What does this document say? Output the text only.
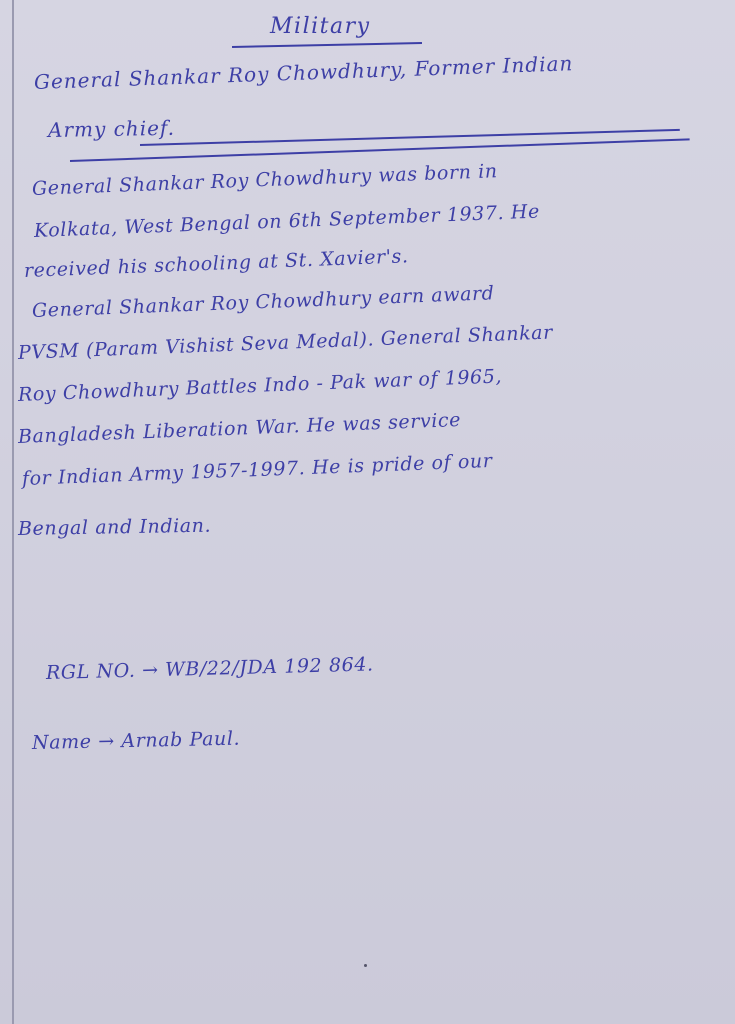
Military
General Shankar Roy Chowdhury, Former Indian
Army chief.
General Shankar Roy Chowdhury was born in
Kolkata, West Bengal on 6th September 1937. He
received his schooling at St. Xavier's.
General Shankar Roy Chowdhury earn award
PVSM (Param Vishist Seva Medal). General Shankar
Roy Chowdhury Battles Indo - Pak war of 1965,
Bangladesh Liberation War. He was service
for Indian Army 1957-1997. He is pride of our
Bengal and Indian.
RGL NO. → WB/22/JDA 192 864.
Name → Arnab Paul.
